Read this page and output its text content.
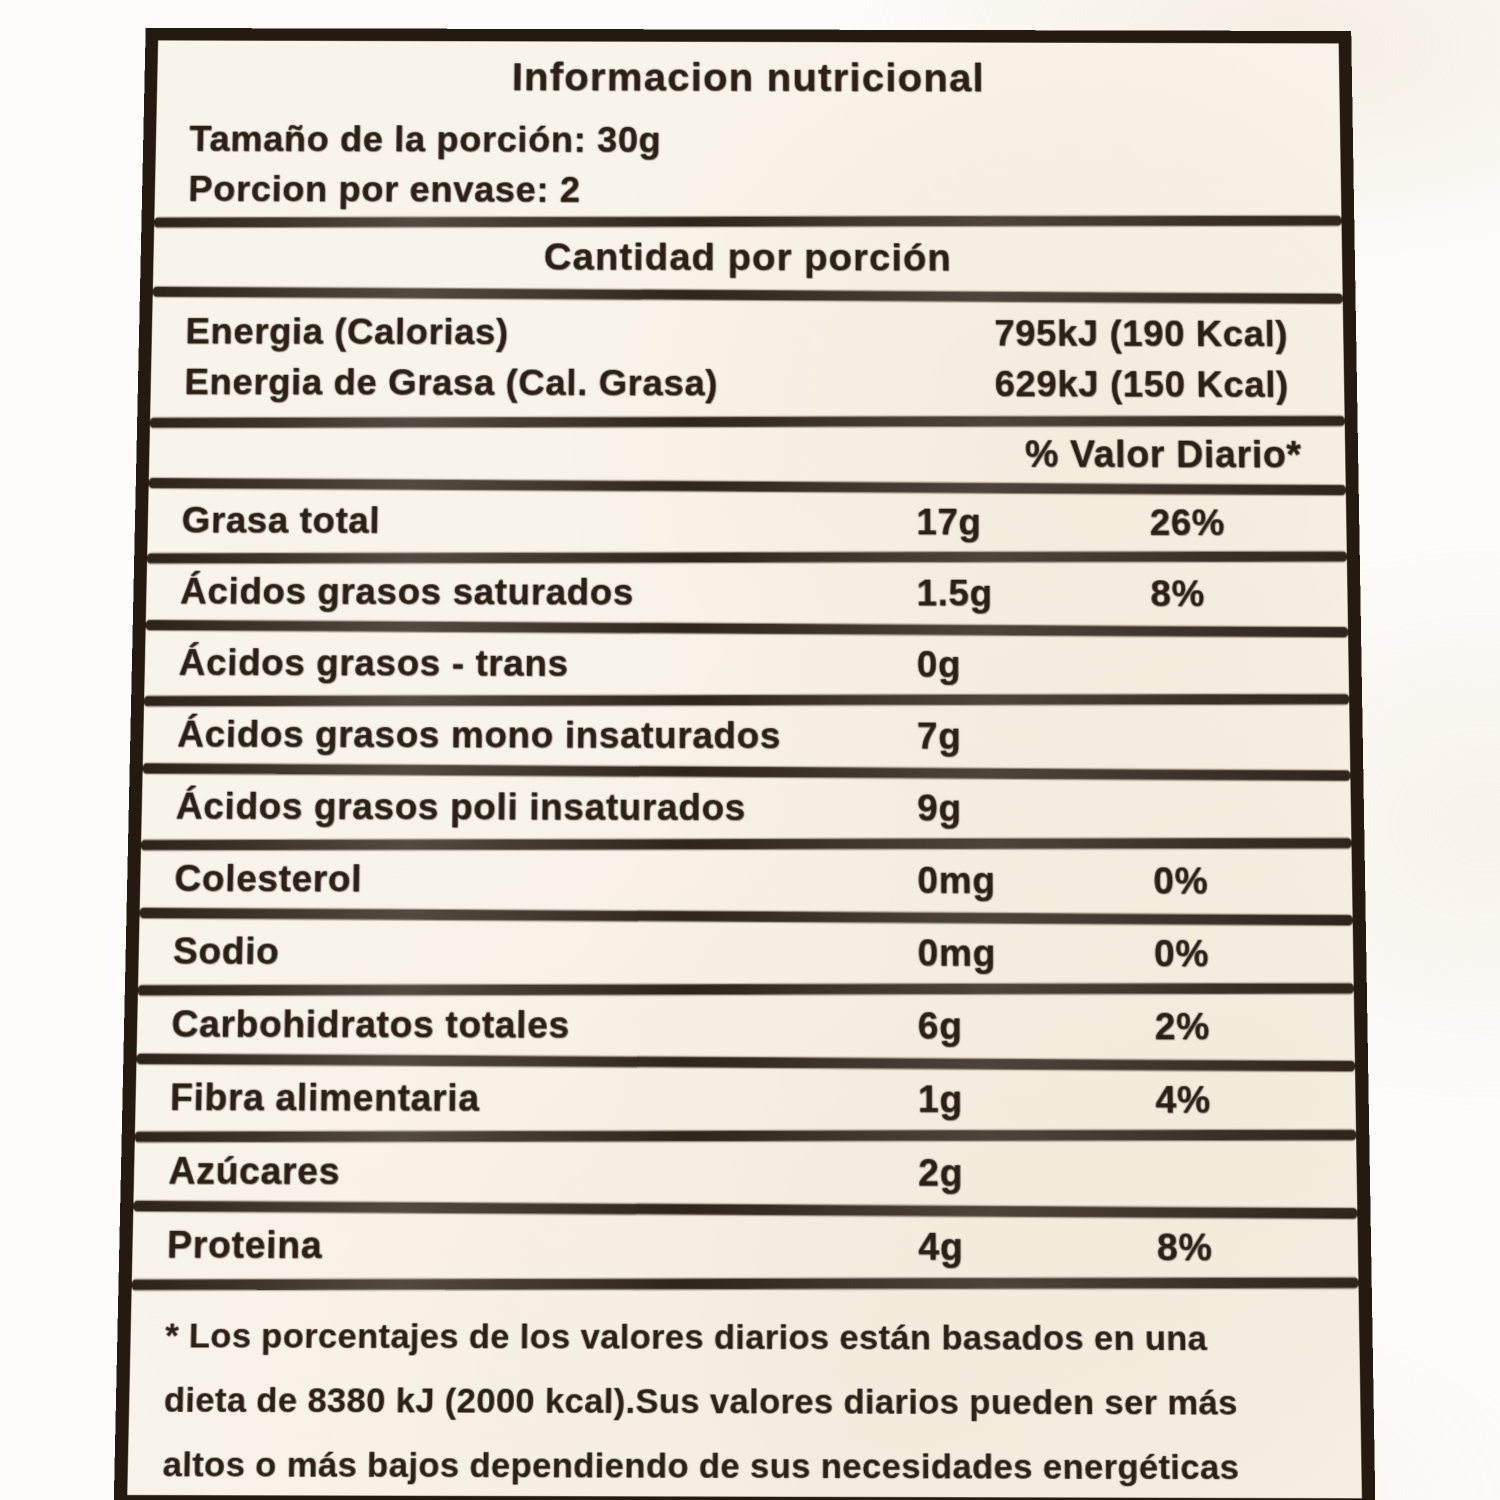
Informacion nutricional
Tamaño de la porción: 30g
Porcion por envase: 2
Cantidad por porción
Energia (Calorias)	795kJ (190 Kcal)
Energia de Grasa (Cal. Grasa)	629kJ (150 Kcal)
% Valor Diario*
Grasa total	17g	26%
Ácidos grasos saturados	1.5g	8%
Ácidos grasos - trans	0g
Ácidos grasos mono insaturados	7g
Ácidos grasos poli insaturados	9g
Colesterol	0mg	0%
Sodio	0mg	0%
Carbohidratos totales	6g	2%
Fibra alimentaria	1g	4%
Azúcares	2g
Proteina	4g	8%
* Los porcentajes de los valores diarios están basados en una
dieta de 8380 kJ (2000 kcal).Sus valores diarios pueden ser más
altos o más bajos dependiendo de sus necesidades energéticas
